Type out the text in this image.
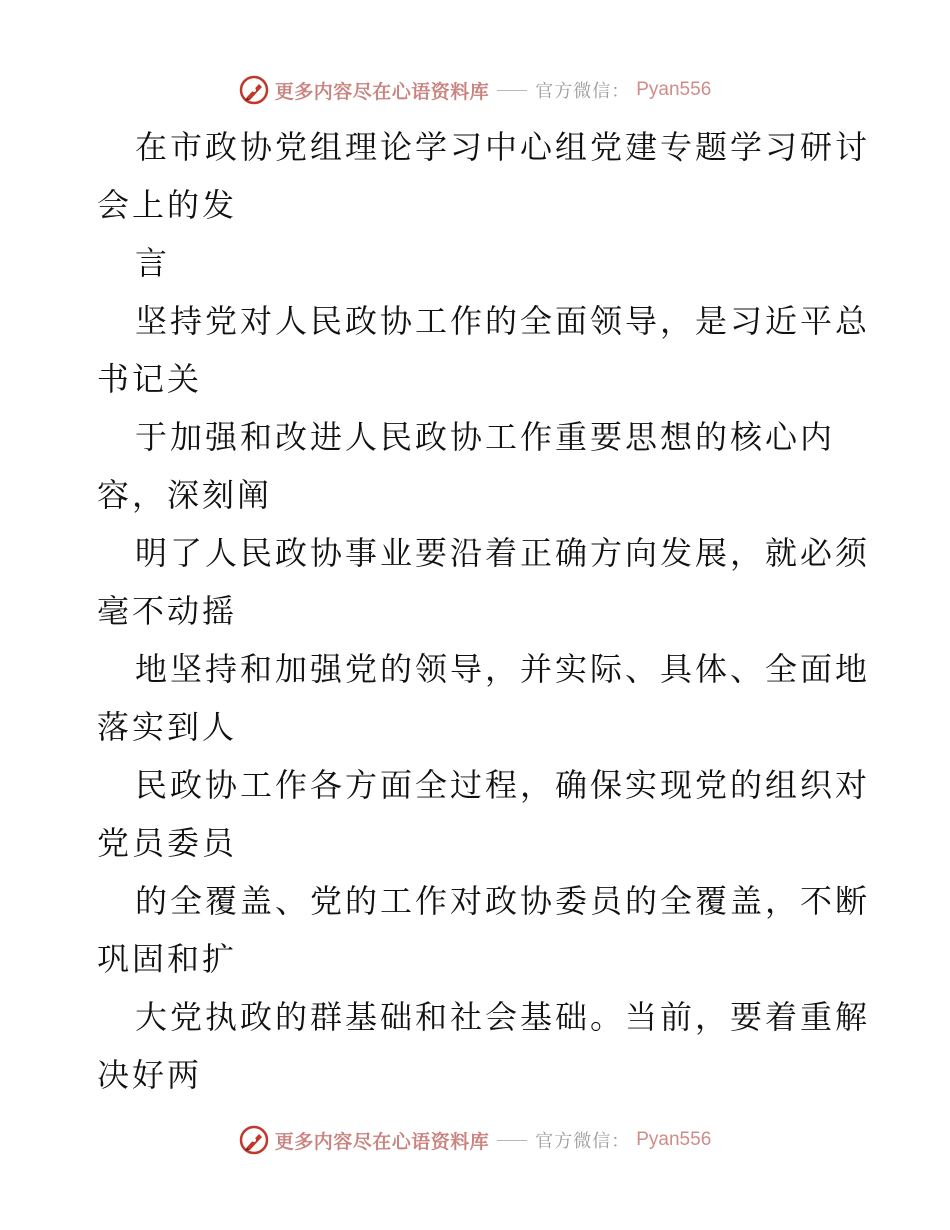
更多内容尽在心语资料库	官方微信： Pyan556
在市政协党组理论学习中心组党建专题学习研讨
会上的发
言
坚持党对人民政协工作的全面领导，是习近平总
书记关
于加强和改进人民政协工作重要思想的核心内
容，深刻阐
明了人民政协事业要沿着正确方向发展，就必须
毫不动摇
地坚持和加强党的领导，并实际、具体、全面地
落实到人
民政协工作各方面全过程，确保实现党的组织对
党员委员
的全覆盖、党的工作对政协委员的全覆盖，不断
巩固和扩
大党执政的群基础和社会基础。当前，要着重解
决好两
更多内容尽在心语资料库	官方微信： Pyan556
